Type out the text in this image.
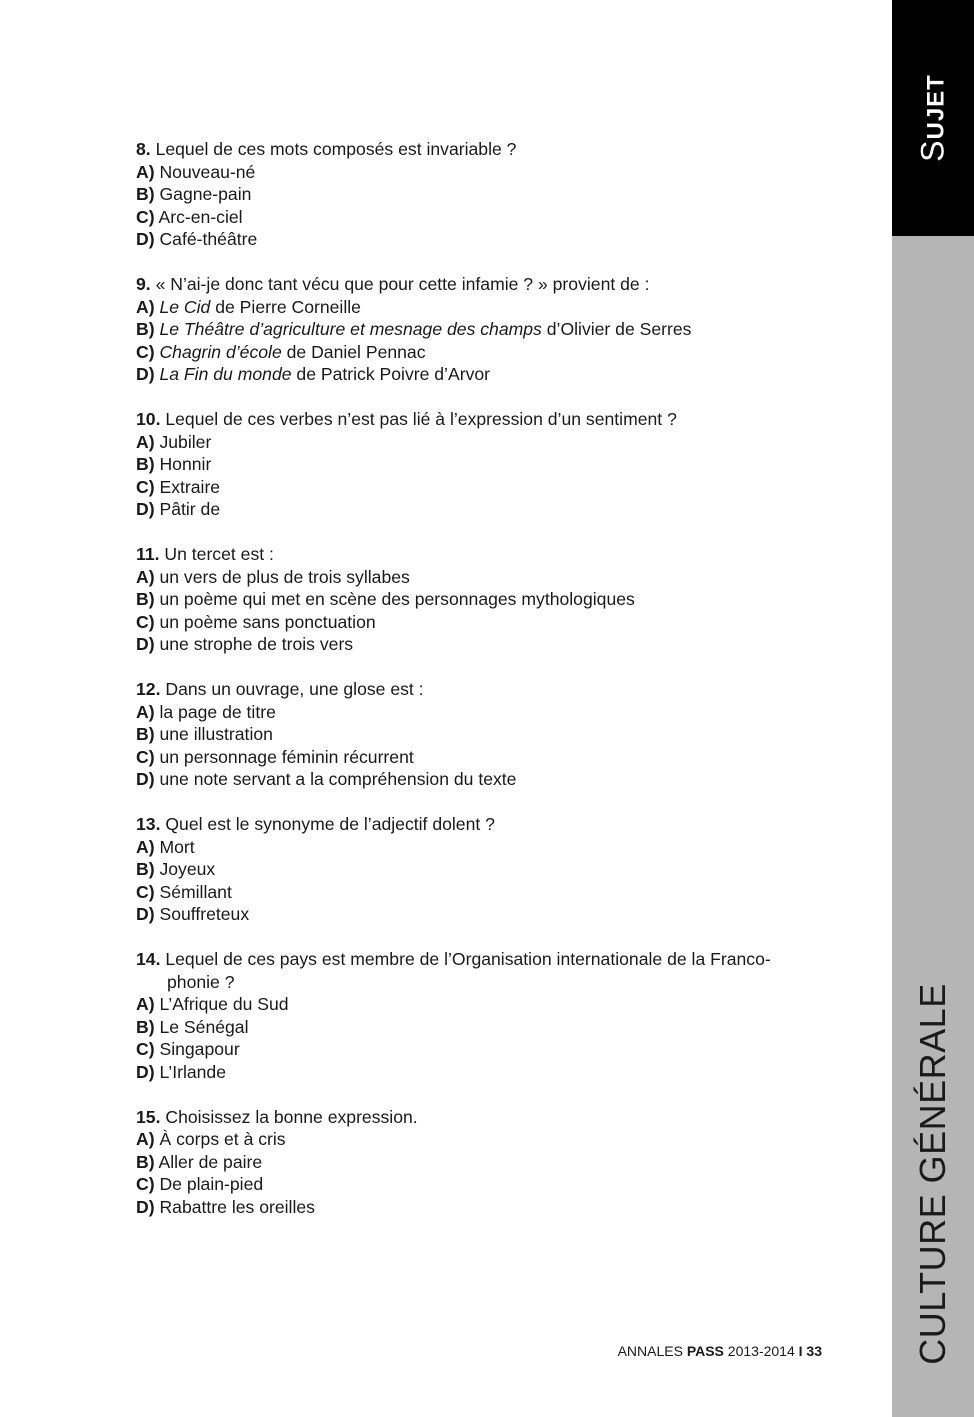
SUJET
CULTURE GÉNÉRALE
8. Lequel de ces mots composés est invariable ?
A) Nouveau-né
B) Gagne-pain
C) Arc-en-ciel
D) Café-théâtre
9. « N’ai-je donc tant vécu que pour cette infamie ? » provient de :
A) Le Cid de Pierre Corneille
B) Le Théâtre d’agriculture et mesnage des champs d’Olivier de Serres
C) Chagrin d’école de Daniel Pennac
D) La Fin du monde de Patrick Poivre d’Arvor
10. Lequel de ces verbes n’est pas lié à l’expression d’un sentiment ?
A) Jubiler
B) Honnir
C) Extraire
D) Pâtir de
11. Un tercet est :
A) un vers de plus de trois syllabes
B) un poème qui met en scène des personnages mythologiques
C) un poème sans ponctuation
D) une strophe de trois vers
12. Dans un ouvrage, une glose est :
A) la page de titre
B) une illustration
C) un personnage féminin récurrent
D) une note servant a la compréhension du texte
13. Quel est le synonyme de l’adjectif dolent ?
A) Mort
B) Joyeux
C) Sémillant
D) Souffreteux
14. Lequel de ces pays est membre de l’Organisation internationale de la Franco-
phonie ?
A) L’Afrique du Sud
B) Le Sénégal
C) Singapour
D) L’Irlande
15. Choisissez la bonne expression.
A) À corps et à cris
B) Aller de paire
C) De plain-pied
D) Rabattre les oreilles
ANNALES PASS 2013-2014 I 33
